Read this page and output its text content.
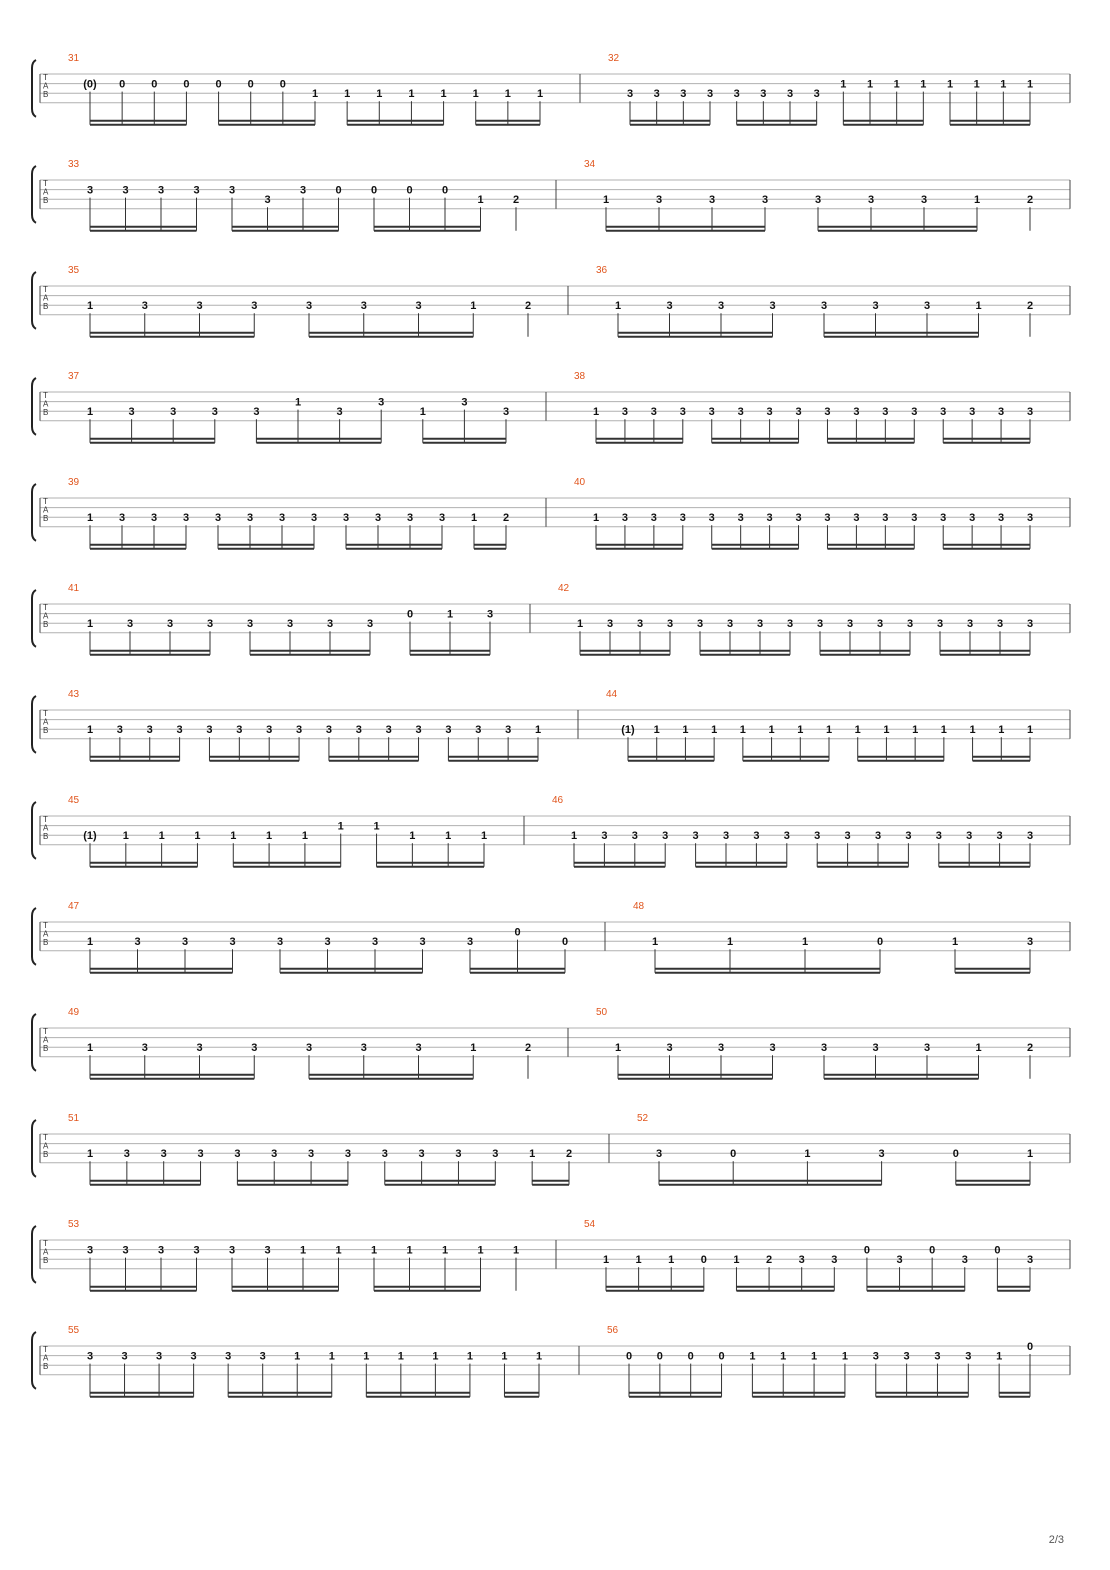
T
A
B
31
(0) 0 0 0 0 0 0
1 1 1 1 1 1 1 1
32
3 3 3 3 3 3 3 3
1 1 1 1 1 1 1 1
T
A
B
33
3	3	3	3	3
3
3	0	0	0	0
1	2
34
1	3	3	3	3	3	3	1	2
T
A
B
35
1	3	3	3	3	3	3	1	2
36
1	3	3	3	3	3	3	1	2
T
A
B
37
1	3	3	3	3
1
3
3
1
3
3
38
1 3 3 3 3 3 3 3 3 3 3 3 3 3 3 3
T
A
B
39
1 3 3 3 3 3 3 3 3 3 3 3 1 2
40
1 3 3 3 3 3 3 3 3 3 3 3 3 3 3 3
T
A
B
41
1	3	3	3	3	3	3	3
0	1	3
42
1 3 3 3 3 3 3 3 3 3 3 3 3 3 3 3
T
A
B
43
1 3 3 3 3 3 3 3 3 3 3 3 3 3 3 1
44
(1) 1 1 1 1 1 1 1 1 1 1 1 1 1 1
T
A
B
45
(1) 1	1	1	1	1	1
1	1
1	1	1
46
1 3 3 3 3 3 3 3 3 3 3 3 3 3 3 3
T
A
B
47
1	3	3	3	3	3	3	3	3
0
0
48
1	1	1	0	1	3
T
A
B
49
1	3	3	3	3	3	3	1	2
50
1	3	3	3	3	3	3	1	2
T
A
B
51
1	3	3	3	3	3	3	3	3	3	3	3	1	2
52
3	0	1	3	0	1
T
A
B
53
3	3	3	3	3	3	1	1	1	1	1	1	1
54
1 1 1 0 1 2 3 3
0
3
0
3
0
3
T
A
B
55
3	3	3	3	3	3	1	1	1	1	1	1	1	1
56
0 0 0 0 1 1 1 1 3 3 3 3 1
0
2/3
